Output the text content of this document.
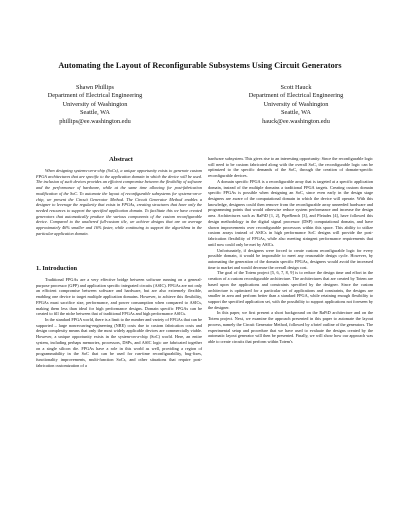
Automating the Layout of Reconfigurable Subsystems Using Circuit Generators
Shawn Phillips
Department of Electrical Engineering
University of Washington
Seattle, WA
phillips@ee.washington.edu
Scott Hauck
Department of Electrical Engineering
University of Washington
Seattle, WA
hauck@ee.washington.edu
Abstract

When designing systems-on-a-chip (SoCs), a unique opportunity exists to generate custom FPGA architectures that are specific to the application domain in which the device will be used. The inclusion of such devices provides an efficient compromise between the flexibility of software and the performance of hardware, while at the same time allowing for post-fabrication modification of the SoC. To automate the layout of reconfigurable subsystems for systems-on-a-chip, we present the Circuit Generator Method. The Circuit Generator Method enables a designer to leverage the regularity that exists in FPGAs, creating structures that have only the needed resources to support the specified application domain. To facilitate this we have created generators that automatically produce the various components of the custom reconfigurable device. Compared to the unaltered full-custom tile, we achieve designs that are on average approximately 46% smaller and 16% faster, while continuing to support the algorithms in the particular application domain.

1. Introduction

Traditional FPGAs are a very effective bridge between software running on a general-purpose processor (GPP) and application specific integrated circuits (ASIC). FPGAs are not only an efficient compromise between software and hardware, but are also extremely flexible, enabling one device to target multiple application domains. However, to achieve this flexibility, FPGAs must sacrifice size, performance, and power consumption when compared to ASICs, making them less than ideal for high performance designs. Domain specific FPGAs can be created to fill the niche between that of traditional FPGAs and high performance ASICs.

In the standard FPGA world, there is a limit to the number and variety of FPGAs that can be supported – large nonrecurring-engineering (NRE) costs due to custom fabrication costs and design complexity means that only the most widely applicable devices are commercially viable. However, a unique opportunity exists in the system-on-a-chip (SoC) world. Here, an entire system, including perhaps memories, processors, DSPs, and ASIC logic are fabricated together on a single silicon die. FPGAs have a role in this world as well, providing a region of programmability in the SoC that can be used for run-time reconfigurability, bug-fixes, functionality improvements, multi-function SoCs, and other situations that require post-fabrication customization of a

hardware subsystem. This gives rise to an interesting opportunity: Since the reconfigurable logic will need to be custom fabricated along with the overall SoC, the reconfigurable logic can be optimized to the specific demands of the SoC, through the creation of domain-specific reconfigurable devices.

A domain specific FPGA is a reconfigurable array that is targeted at a specific application domain, instead of the multiple domains a traditional FPGA targets. Creating custom domain specific FPGAs is possible when designing an SoC, since even early in the design stage designers are aware of the computational domain in which the device will operate. With this knowledge, designers could then remove from the reconfigurable array unneeded hardware and programming points that would otherwise reduce system performance and increase the design area. Architectures such as RaPiD [1, 2], PipeRench [3], and Pleiades [4], have followed this design methodology in the digital signal processor (DSP) computational domain, and have shown improvements over reconfigurable processors within this space. This ability to utilize custom arrays instead of ASICs in high performance SoC designs will provide the post-fabrication flexibility of FPGAs, while also meeting stringent performance requirements that until now could only be met by ASICs.

Unfortunately, if designers were forced to create custom reconfigurable logic for every possible domain, it would be impossible to meet any reasonable design cycle. However, by automating the generation of the domain specific FPGAs, designers would avoid the increased time to market and would decrease the overall design cost.

The goal of the Totem project [5, 6, 7, 8, 9] is to reduce the design time and effort in the creation of a custom reconfigurable architecture. The architectures that are created by Totem are based upon the applications and constraints specified by the designer. Since the custom architecture is optimized for a particular set of applications and constraints, the designs are smaller in area and perform better than a standard FPGA, while retaining enough flexibility to support the specified application set, with the possibility to support applications not foreseen by the designer.

In this paper, we first present a short background on the RaPiD architecture and on the Totem project. Next, we examine the approach presented in this paper to automate the layout process, namely the Circuit Generator Method, followed by a brief outline of the generators. The experimental setup and procedure that we have used to evaluate the designs created by the automatic layout generator will then be presented. Finally, we will show how our approach was able to create circuits that perform within Totem's
